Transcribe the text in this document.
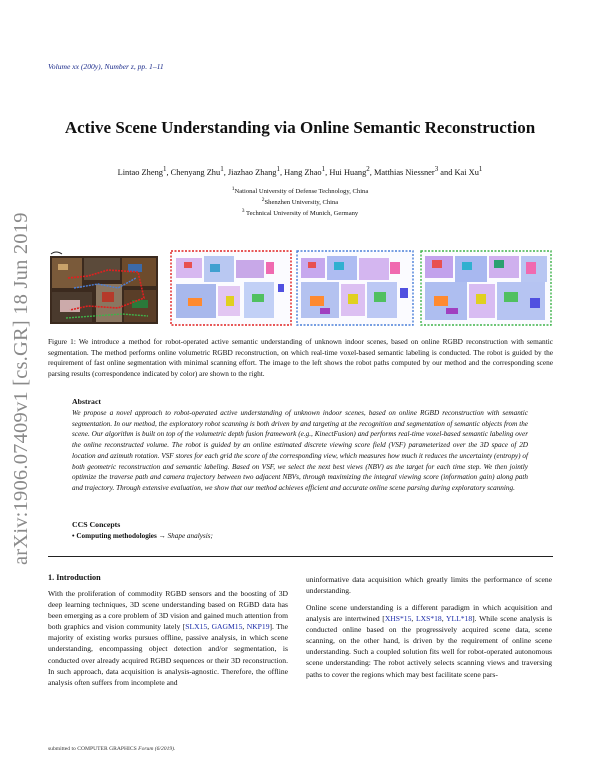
Volume xx (200y), Number z, pp. 1–11
Active Scene Understanding via Online Semantic Reconstruction
Lintao Zheng$^1$, Chenyang Zhu$^1$, Jiazhao Zhang$^1$, Hang Zhao$^1$, Hui Huang$^2$, Matthias Niessner$^3$ and Kai Xu$^1$
$^1$National University of Defense Technology, China
$^2$Shenzhen University, China
$^3$ Technical University of Munich, Germany
arXiv:1906.07409v1 [cs.GR] 18 Jun 2019	Figure 1: We introduce a method for robot-operated active semantic understanding of unknown indoor scenes, based on online RGBD reconstruction with semantic segmentation. The method performs online volumetric RGBD reconstruction, on which real-time voxel-based semantic labeling is conducted. The robot is guided by the requirement of fast online segmentation with minimal scanning effort. The image to the left shows the robot paths computed by our method and the corresponding scene parsing results (correspondence indicated by color) are shown to the right.
Abstract
We propose a novel approach to robot-operated active understanding of unknown indoor scenes, based on online RGBD reconstruction with semantic segmentation. In our method, the exploratory robot scanning is both driven by and targeting at the recognition and segmentation of semantic objects from the scene. Our algorithm is built on top of the volumetric depth fusion framework (e.g., KinectFusion) and performs real-time voxel-based semantic labeling over the online reconstructed volume. The robot is guided by an online estimated discrete viewing score field (VSF) parameterized over the 3D space of 2D location and azimuth rotation. VSF stores for each grid the score of the corresponding view, which measures how much it reduces the uncertainty (entropy) of both geometric reconstruction and semantic labeling. Based on VSF, we select the next best views (NBV) as the target for each time step. We then jointly optimize the traverse path and camera trajectory between two adjacent NBVs, through maximizing the integral viewing score (information gain) along path and trajectory. Through extensive evaluation, we show that our method achieves efficient and accurate online scene parsing during exploratory scanning.
CCS Concepts
• Computing methodologies → Shape analysis;
1. Introduction
With the proliferation of commodity RGBD sensors and the boosting of 3D deep learning techniques, 3D scene understanding based on RGBD data has been emerging as a core problem of 3D vision and gained much attention from both graphics and vision community lately [SLX15, GAGM15, NKP19]. The majority of existing works pursues offline, passive analysis, in which scene understanding, encompassing object detection and/or segmentation, is conducted over already acquired RGBD sequences or their 3D reconstruction. In such approach, data acquisition is analysis-agnostic. Therefore, the offline analysis often suffers from incomplete and
uninformative data acquisition which greatly limits the performance of scene understanding.
Online scene understanding is a different paradigm in which acquisition and analysis are intertwined [XHS*15, LXS*18, YLL*18]. While scene analysis is conducted online based on the progressively acquired scene data, scene scanning, on the other hand, is driven by the requirement of online scene understanding. Such a coupled solution fits well for robot-operated autonomous scene understanding: The robot actively selects scanning views and traversing paths to cover the regions which may best facilitate scene pars-
submitted to COMPUTER GRAPHICS Forum (6/2019).
